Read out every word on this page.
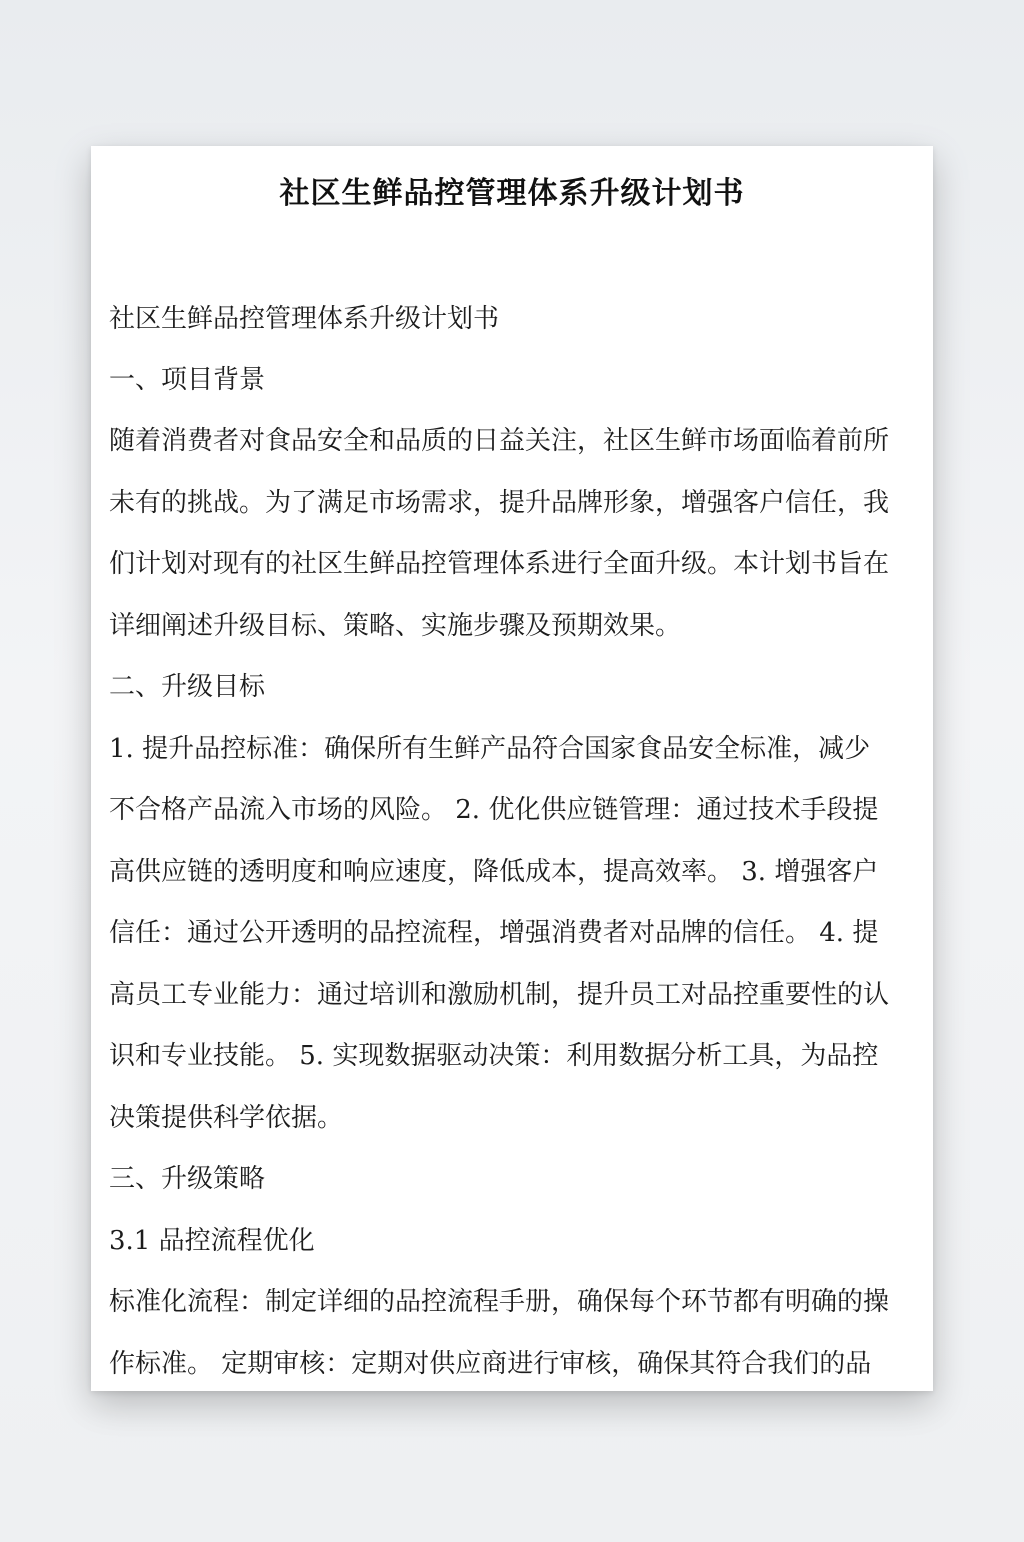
社区生鲜品控管理体系升级计划书
社区生鲜品控管理体系升级计划书
一、项目背景
随着消费者对食品安全和品质的日益关注，社区生鲜市场面临着前所
未有的挑战。为了满足市场需求，提升品牌形象，增强客户信任，我
们计划对现有的社区生鲜品控管理体系进行全面升级。本计划书旨在
详细阐述升级目标、策略、实施步骤及预期效果。
二、升级目标
1. 提升品控标准：确保所有生鲜产品符合国家食品安全标准，减少
不合格产品流入市场的风险。 2. 优化供应链管理：通过技术手段提
高供应链的透明度和响应速度，降低成本，提高效率。 3. 增强客户
信任：通过公开透明的品控流程，增强消费者对品牌的信任。 4. 提
高员工专业能力：通过培训和激励机制，提升员工对品控重要性的认
识和专业技能。 5. 实现数据驱动决策：利用数据分析工具，为品控
决策提供科学依据。
三、升级策略
3.1 品控流程优化
标准化流程：制定详细的品控流程手册，确保每个环节都有明确的操
作标准。 定期审核：定期对供应商进行审核，确保其符合我们的品
